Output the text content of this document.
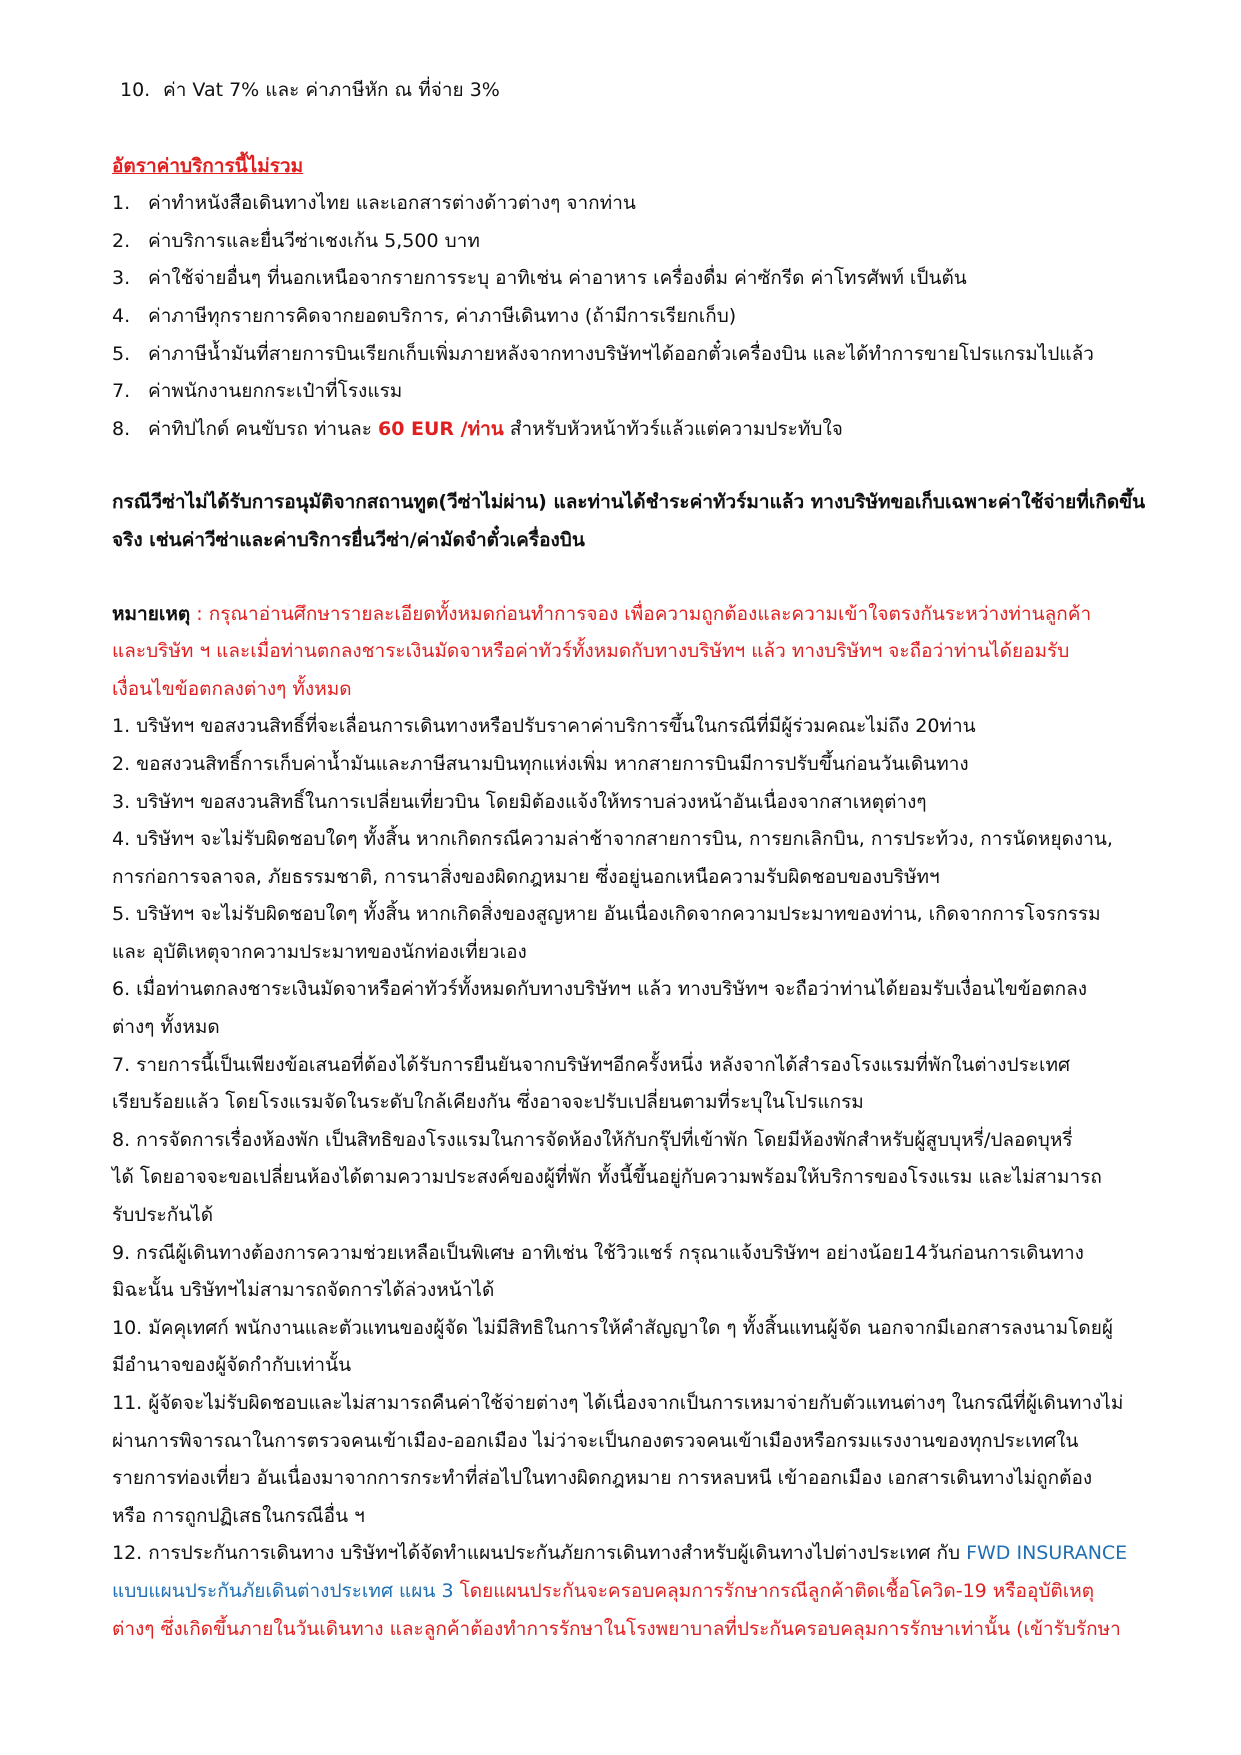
10. ค่า Vat 7% และ ค่าภาษีหัก ณ ที่จ่าย 3%
อัตราค่าบริการนี้ไม่รวม
1. ค่าทำหนังสือเดินทางไทย และเอกสารต่างด้าวต่างๆ จากท่าน
2. ค่าบริการและยื่นวีซ่าเชงเก้น 5,500 บาท
3. ค่าใช้จ่ายอื่นๆ ที่นอกเหนือจากรายการระบุ อาทิเช่น ค่าอาหาร เครื่องดื่ม ค่าซักรีด ค่าโทรศัพท์ เป็นต้น
4. ค่าภาษีทุกรายการคิดจากยอดบริการ, ค่าภาษีเดินทาง (ถ้ามีการเรียกเก็บ)
5. ค่าภาษีน้ำมันที่สายการบินเรียกเก็บเพิ่มภายหลังจากทางบริษัทฯได้ออกตั๋วเครื่องบิน และได้ทำการขายโปรแกรมไปแล้ว
7. ค่าพนักงานยกกระเป๋าที่โรงแรม
8. ค่าทิปไกด์ คนขับรถ ท่านละ 60 EUR /ท่าน สำหรับหัวหน้าทัวร์แล้วแต่ความประทับใจ
กรณีวีซ่าไม่ได้รับการอนุมัติจากสถานทูต(วีซ่าไม่ผ่าน) และท่านได้ชำระค่าทัวร์มาแล้ว ทางบริษัทขอเก็บเฉพาะค่าใช้จ่ายที่เกิดขึ้น
จริง เช่นค่าวีซ่าและค่าบริการยื่นวีซ่า/ค่ามัดจำตั๋วเครื่องบิน
หมายเหตุ : กรุณาอ่านศึกษารายละเอียดทั้งหมดก่อนทำการจอง เพื่อความถูกต้องและความเข้าใจตรงกันระหว่างท่านลูกค้า
และบริษัท ฯ และเมื่อท่านตกลงชาระเงินมัดจาหรือค่าทัวร์ทั้งหมดกับทางบริษัทฯ แล้ว ทางบริษัทฯ จะถือว่าท่านได้ยอมรับ
เงื่อนไขข้อตกลงต่างๆ ทั้งหมด
1. บริษัทฯ ขอสงวนสิทธิ์ที่จะเลื่อนการเดินทางหรือปรับราคาค่าบริการขึ้นในกรณีที่มีผู้ร่วมคณะไม่ถึง 20ท่าน
2. ขอสงวนสิทธิ์การเก็บค่าน้ำมันและภาษีสนามบินทุกแห่งเพิ่ม หากสายการบินมีการปรับขึ้นก่อนวันเดินทาง
3. บริษัทฯ ขอสงวนสิทธิ์ในการเปลี่ยนเที่ยวบิน โดยมิต้องแจ้งให้ทราบล่วงหน้าอันเนื่องจากสาเหตุต่างๆ
4. บริษัทฯ จะไม่รับผิดชอบใดๆ ทั้งสิ้น หากเกิดกรณีความล่าช้าจากสายการบิน, การยกเลิกบิน, การประท้วง, การนัดหยุดงาน,
การก่อการจลาจล, ภัยธรรมชาติ, การนาสิ่งของผิดกฎหมาย ซึ่งอยู่นอกเหนือความรับผิดชอบของบริษัทฯ
5. บริษัทฯ จะไม่รับผิดชอบใดๆ ทั้งสิ้น หากเกิดสิ่งของสูญหาย อันเนื่องเกิดจากความประมาทของท่าน, เกิดจากการโจรกรรม
และ อุบัติเหตุจากความประมาทของนักท่องเที่ยวเอง
6. เมื่อท่านตกลงชาระเงินมัดจาหรือค่าทัวร์ทั้งหมดกับทางบริษัทฯ แล้ว ทางบริษัทฯ จะถือว่าท่านได้ยอมรับเงื่อนไขข้อตกลง
ต่างๆ ทั้งหมด
7. รายการนี้เป็นเพียงข้อเสนอที่ต้องได้รับการยืนยันจากบริษัทฯอีกครั้งหนึ่ง หลังจากได้สำรองโรงแรมที่พักในต่างประเทศ
เรียบร้อยแล้ว โดยโรงแรมจัดในระดับใกล้เคียงกัน ซึ่งอาจจะปรับเปลี่ยนตามที่ระบุในโปรแกรม
8. การจัดการเรื่องห้องพัก เป็นสิทธิของโรงแรมในการจัดห้องให้กับกรุ๊ปที่เข้าพัก โดยมีห้องพักสำหรับผู้สูบบุหรี่/ปลอดบุหรี่
ได้ โดยอาจจะขอเปลี่ยนห้องได้ตามความประสงค์ของผู้ที่พัก ทั้งนี้ขึ้นอยู่กับความพร้อมให้บริการของโรงแรม และไม่สามารถ
รับประกันได้
9. กรณีผู้เดินทางต้องการความช่วยเหลือเป็นพิเศษ อาทิเช่น ใช้วิวแชร์ กรุณาแจ้งบริษัทฯ อย่างน้อย14วันก่อนการเดินทาง
มิฉะนั้น บริษัทฯไม่สามารถจัดการได้ล่วงหน้าได้
10. มัคคุเทศก์ พนักงานและตัวแทนของผู้จัด ไม่มีสิทธิในการให้คำสัญญาใด ๆ ทั้งสิ้นแทนผู้จัด นอกจากมีเอกสารลงนามโดยผู้
มีอำนาจของผู้จัดกำกับเท่านั้น
11. ผู้จัดจะไม่รับผิดชอบและไม่สามารถคืนค่าใช้จ่ายต่างๆ ได้เนื่องจากเป็นการเหมาจ่ายกับตัวแทนต่างๆ ในกรณีที่ผู้เดินทางไม่
ผ่านการพิจารณาในการตรวจคนเข้าเมือง-ออกเมือง ไม่ว่าจะเป็นกองตรวจคนเข้าเมืองหรือกรมแรงงานของทุกประเทศใน
รายการท่องเที่ยว อันเนื่องมาจากการกระทำที่ส่อไปในทางผิดกฎหมาย การหลบหนี เข้าออกเมือง เอกสารเดินทางไม่ถูกต้อง
หรือ การถูกปฏิเสธในกรณีอื่น ฯ
12. การประกันการเดินทาง บริษัทฯได้จัดทำแผนประกันภัยการเดินทางสำหรับผู้เดินทางไปต่างประเทศ กับ FWD INSURANCE
แบบแผนประกันภัยเดินต่างประเทศ แผน 3 โดยแผนประกันจะครอบคลุมการรักษากรณีลูกค้าติดเชื้อโควิด-19 หรืออุบัติเหตุ
ต่างๆ ซึ่งเกิดขึ้นภายในวันเดินทาง และลูกค้าต้องทำการรักษาในโรงพยาบาลที่ประกันครอบคลุมการรักษาเท่านั้น (เข้ารับรักษา
